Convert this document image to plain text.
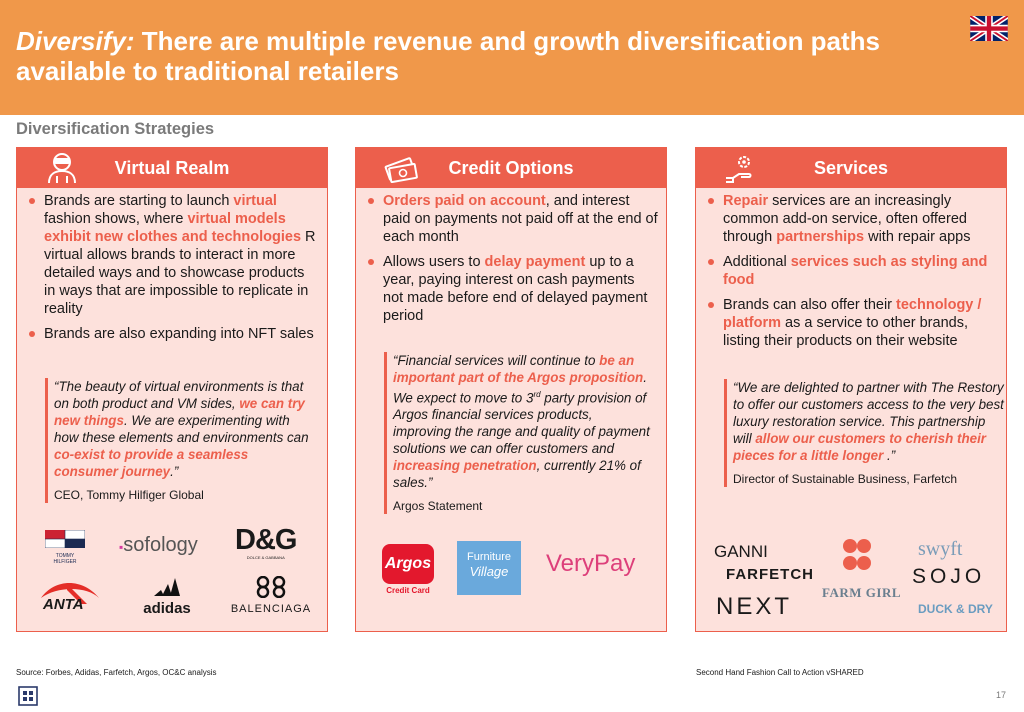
Diversify: There are multiple revenue and growth diversification paths available to traditional retailers
Diversification Strategies
Virtual Realm
Brands are starting to launch virtual fashion shows, where virtual models exhibit new clothes and technologies R virtual allows brands to interact in more detailed ways and to showcase products in ways that are impossible to replicate in reality
Brands are also expanding into NFT sales
“The beauty of virtual environments is that on both product and VM sides, we can try new things. We are experimenting with how these elements and environments can co-exist to provide a seamless consumer journey.”
CEO, Tommy Hilfiger Global
TOMMY HILFIGER
▪sofology D&G
DOLCE & GABBANA
ANTA	adidas	BALENCIAGA
Credit Options
Orders paid on account, and interest paid on payments not paid off at the end of each month
Allows users to delay payment up to a year, paying interest on cash payments not made before end of delayed payment period
“Financial services will continue to be an important part of the Argos proposition. We expect to move to 3rd party provision of Argos financial services products, improving the range and quality of payment solutions we can offer customers and increasing penetration, currently 21% of sales.”
Argos Statement
Argos
Credit Card
Furniture
Village	VeryPay
Services
Repair services are an increasingly common add-on service, often offered through partnerships with repair apps
Additional services such as styling and food
Brands can also offer their technology / platform as a service to other brands, listing their products on their website
“We are delighted to partner with The Restory to offer our customers access to the very best luxury restoration service. This partnership will allow our customers to cherish their pieces for a little longer .”
Director of Sustainable Business, Farfetch
GANNI
FARFETCH
NEXT
FARM GIRL
swyft
SOJO
DUCK & DRY
Source: Forbes, Adidas, Farfetch, Argos, OC&C analysis	Second Hand Fashion Call to Action vSHARED
17
